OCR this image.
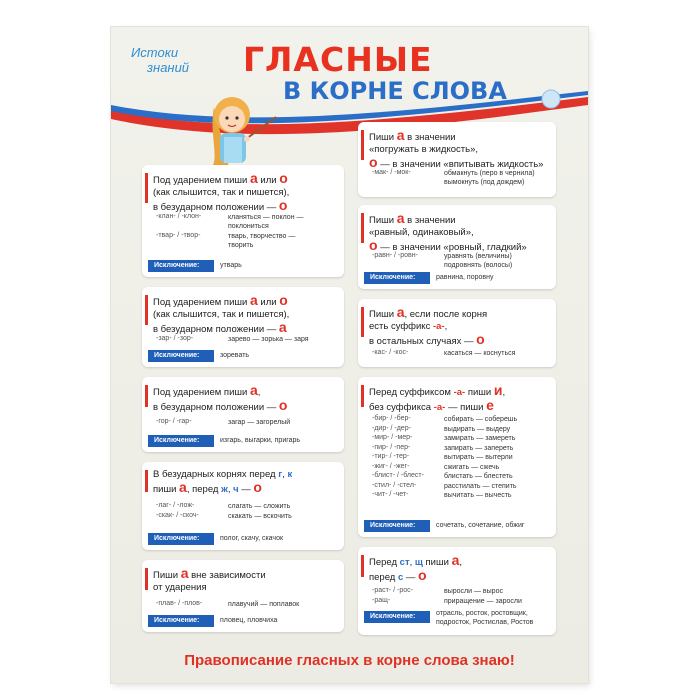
Истоки
знаний ГЛАСНЫЕ
В КОРНЕ СЛОВА
Под ударением пиши а или о
(как слышится, так и пишется),
в безударном положении — о
-клан- / -клон-	кланяться — поклон —
поклониться
-твар- / -твор-	тварь, творчество —
творить
Исключение:	утварь
Под ударением пиши а или о
(как слышится, так и пишется),
в безударном положении — а
-зар- / -зор-	зарево — зорька — заря
Исключение:	зоревать
Под ударением пиши а,
в безударном положении — о
-гор- / -гар-	загар — загорелый
Исключение:	изгарь, выгарки, пригарь
В безударных корнях перед г, к
пиши а, перед ж, ч — о
-лаг- / -лож-	слагать — сложить
-скак- / -скоч-	скакать — вскочить
Исключение:	полог, скачу, скачок
Пиши а вне зависимости
от ударения
-плав- / -плов-	плавучий — поплавок
Исключение:	пловец, пловчиха
Пиши а в значении
«погружать в жидкость»,
о — в значении «впитывать жидкость»
-мак- / -мок-	обмакнуть (перо в чернила)
вымокнуть (под дождем)
Пиши а в значении
«равный, одинаковый»,
о — в значении «ровный, гладкий»
-равн- / -ровн-	уравнять (величины)
подровнять (волосы)
Исключение:	равнина, поровну
Пиши а, если после корня
есть суффикс -а-,
в остальных случаях — о
-кас- / -кос-	касаться — коснуться
Перед суффиксом -а- пиши и,
без суффикса -а- — пиши е
-бир- / -бер-	собирать — соберешь
-дир- / -дер-	выдирать — выдеру
-мир- / -мер-	замирать — замереть
-пир- / -пер-	запирать — запереть
-тир- / -тер-	вытирать — вытерли
-жиг- / -жег-	сжигать — сжечь
-блист- / -блест-	блистать — блестеть
-стил- / -стел-	расстилать — степить
-чит- / -чет-	вычитать — вычесть
Исключение:	сочетать, сочетание, обжиг
Перед ст, щ пиши а,
перед с — о
-раст- / -рос-	выросли — вырос
-ращ-	приращение — заросли
Исключение:	отрасль, росток, ростовщик,
подросток, Ростислав, Ростов
Правописание гласных в корне слова знаю!
